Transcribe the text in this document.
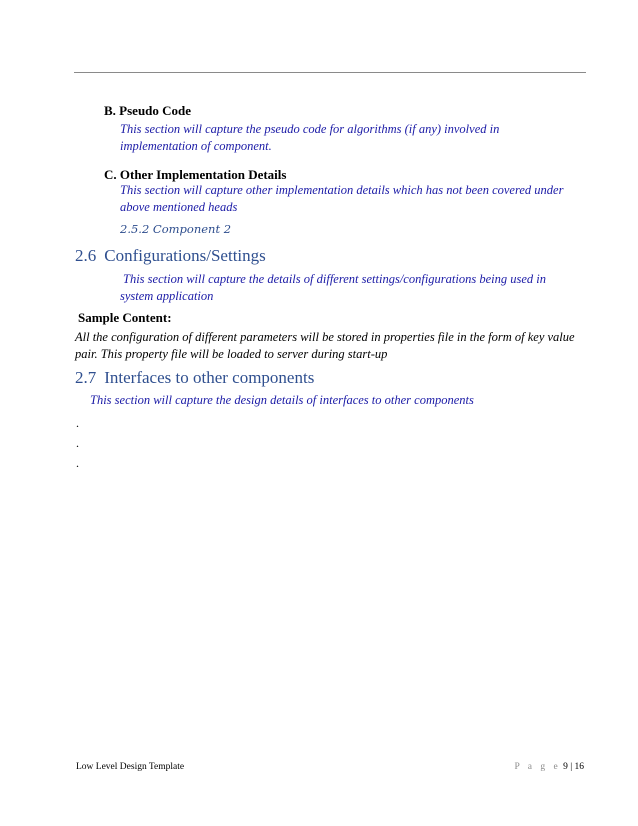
B. Pseudo Code
This section will capture the pseudo code for algorithms (if any) involved in implementation of component.
C. Other Implementation Details
This section will capture other implementation details which has not been covered under above mentioned heads
2.5.2 Component 2
2.6 Configurations/Settings
This section will capture the details of different settings/configurations being used in system application
Sample Content:
All the configuration of different parameters will be stored in properties file in the form of key value pair. This property file will be loaded to server during start-up
2.7 Interfaces to other components
This section will capture the design details of interfaces to other components
.
.
.
Low Level Design Template	P a g e 9 | 16
